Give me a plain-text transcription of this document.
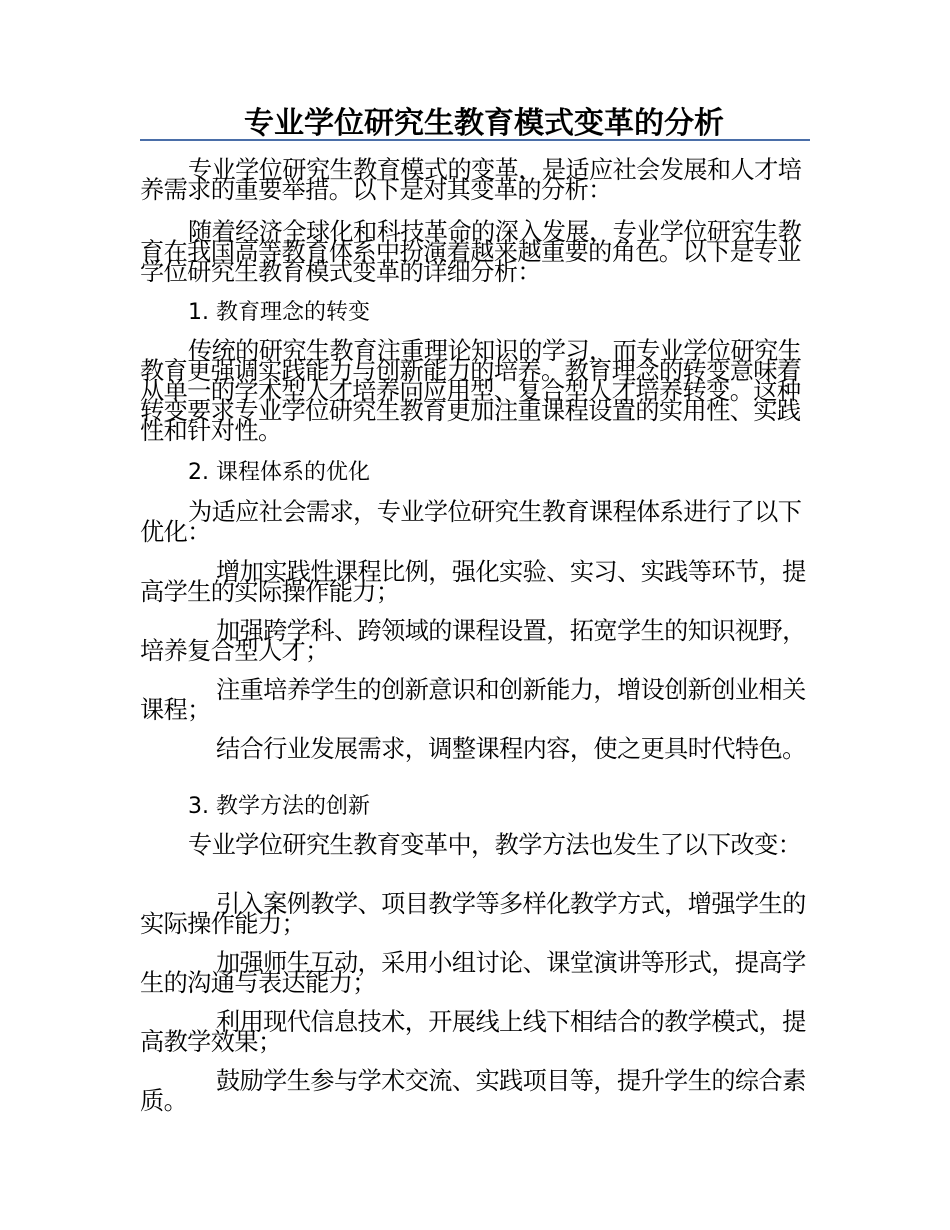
专业学位研究生教育模式变革的分析

专业学位研究生教育模式的变革，是适应社会发展和人才培养需求的重要举措。以下是对其变革的分析：

随着经济全球化和科技革命的深入发展，专业学位研究生教育在我国高等教育体系中扮演着越来越重要的角色。以下是专业学位研究生教育模式变革的详细分析：

1. 教育理念的转变

传统的研究生教育注重理论知识的学习，而专业学位研究生教育更强调实践能力与创新能力的培养。教育理念的转变意味着从单一的学术型人才培养向应用型、复合型人才培养转变。这种转变要求专业学位研究生教育更加注重课程设置的实用性、实践性和针对性。

2. 课程体系的优化

为适应社会需求，专业学位研究生教育课程体系进行了以下优化：

增加实践性课程比例，强化实验、实习、实践等环节，提高学生的实际操作能力；

加强跨学科、跨领域的课程设置，拓宽学生的知识视野，培养复合型人才；

注重培养学生的创新意识和创新能力，增设创新创业相关课程；

结合行业发展需求，调整课程内容，使之更具时代特色。

3. 教学方法的创新

专业学位研究生教育变革中，教学方法也发生了以下改变：

引入案例教学、项目教学等多样化教学方式，增强学生的实际操作能力；

加强师生互动，采用小组讨论、课堂演讲等形式，提高学生的沟通与表达能力；

利用现代信息技术，开展线上线下相结合的教学模式，提高教学效果；

鼓励学生参与学术交流、实践项目等，提升学生的综合素质。
